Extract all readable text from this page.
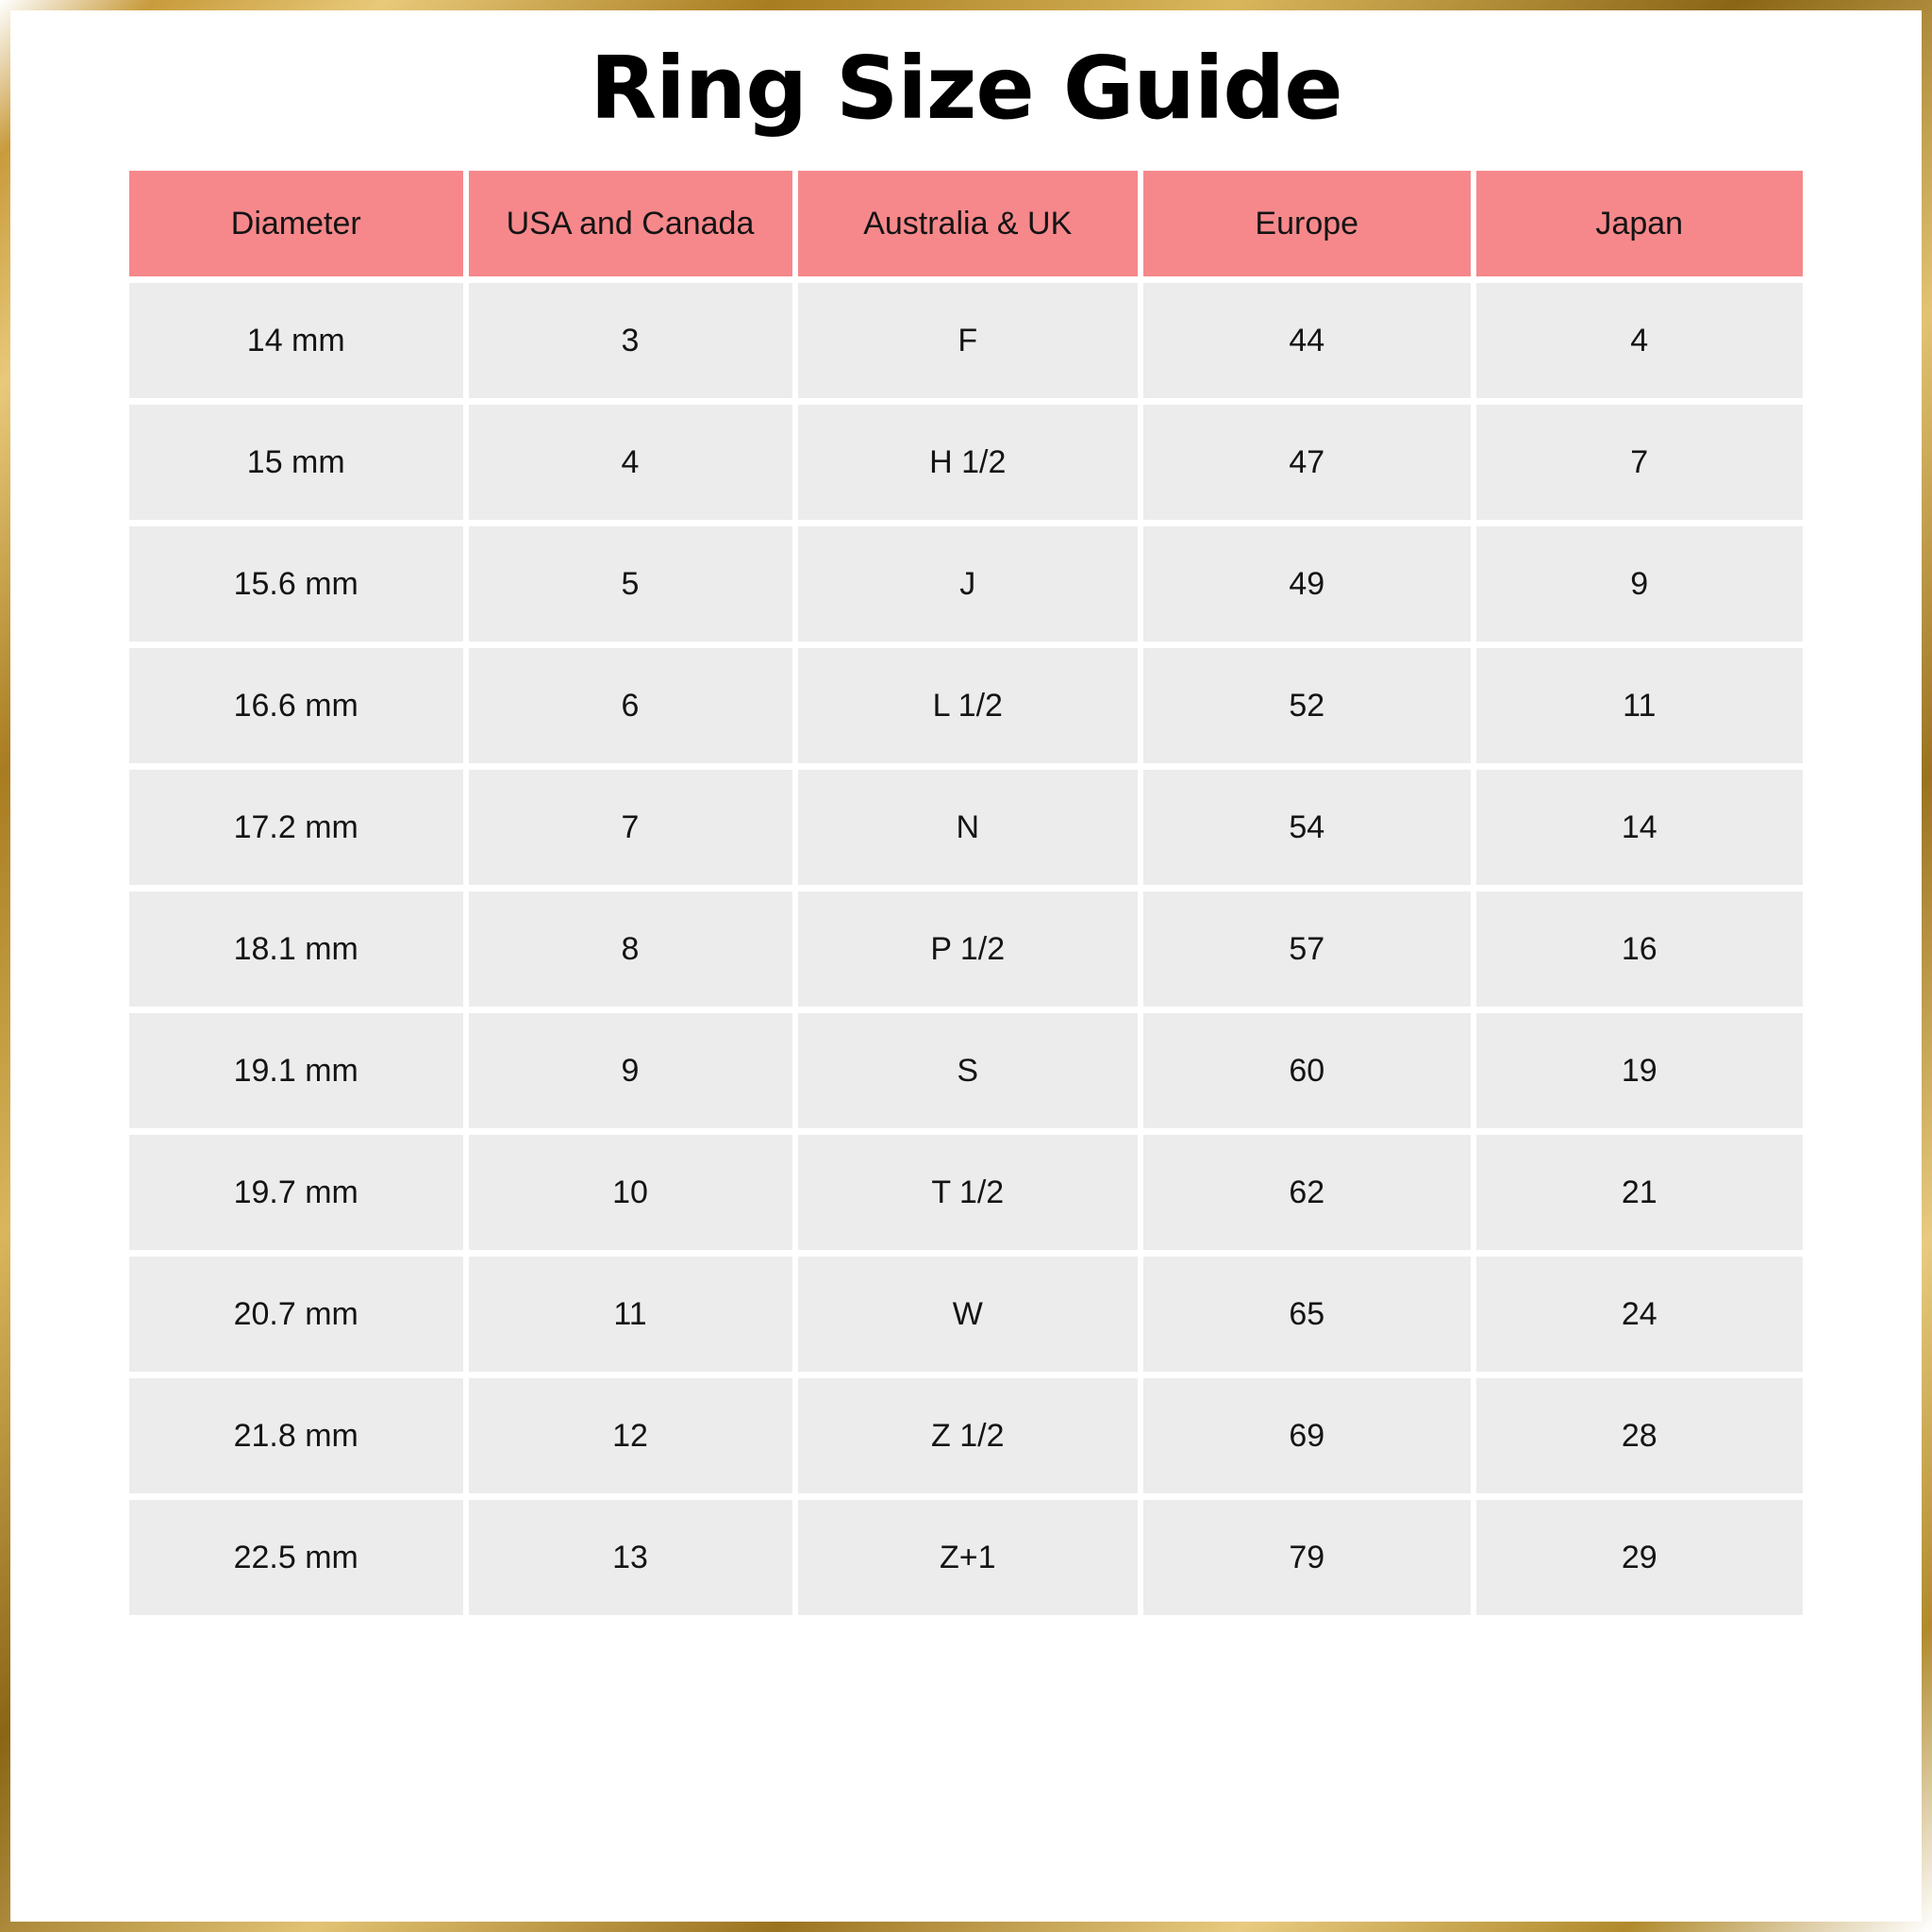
Ring Size Guide
Diameter	USA and Canada	Australia & UK	Europe	Japan
14 mm	3	F	44	4
15 mm	4	H 1/2	47	7
15.6 mm	5	J	49	9
16.6 mm	6	L 1/2	52	11
17.2 mm	7	N	54	14
18.1 mm	8	P 1/2	57	16
19.1 mm	9	S	60	19
19.7 mm	10	T 1/2	62	21
20.7 mm	11	W	65	24
21.8 mm	12	Z 1/2	69	28
22.5 mm	13	Z+1	79	29
